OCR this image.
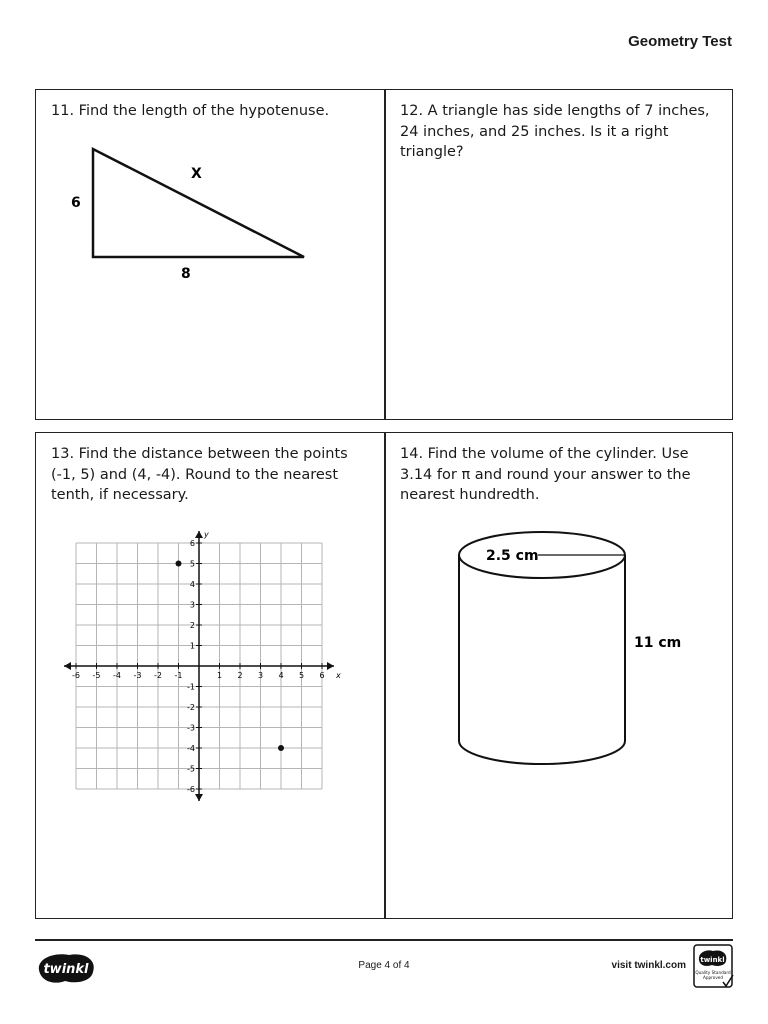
Geometry Test
11. Find the length of the hypotenuse.
X
6
8
12. A triangle has side lengths of 7 inches, 24 inches, and 25 inches. Is it a right triangle?
13. Find the distance between the points (-1, 5) and (4, -4). Round to the nearest tenth, if necessary.
x
y
-6 -5 -4 -3 -2 -1	1 2 3 4 5 6
6
5
4
3
2
1
-1
-2
-3
-4
-5
-6
14. Find the volume of the cylinder. Use 3.14 for π and round your answer to the nearest hundredth.
2.5 cm
11 cm
twinkl	Page 4 of 4	visit twinkl.com twinkl
Quality Standard
Approved
